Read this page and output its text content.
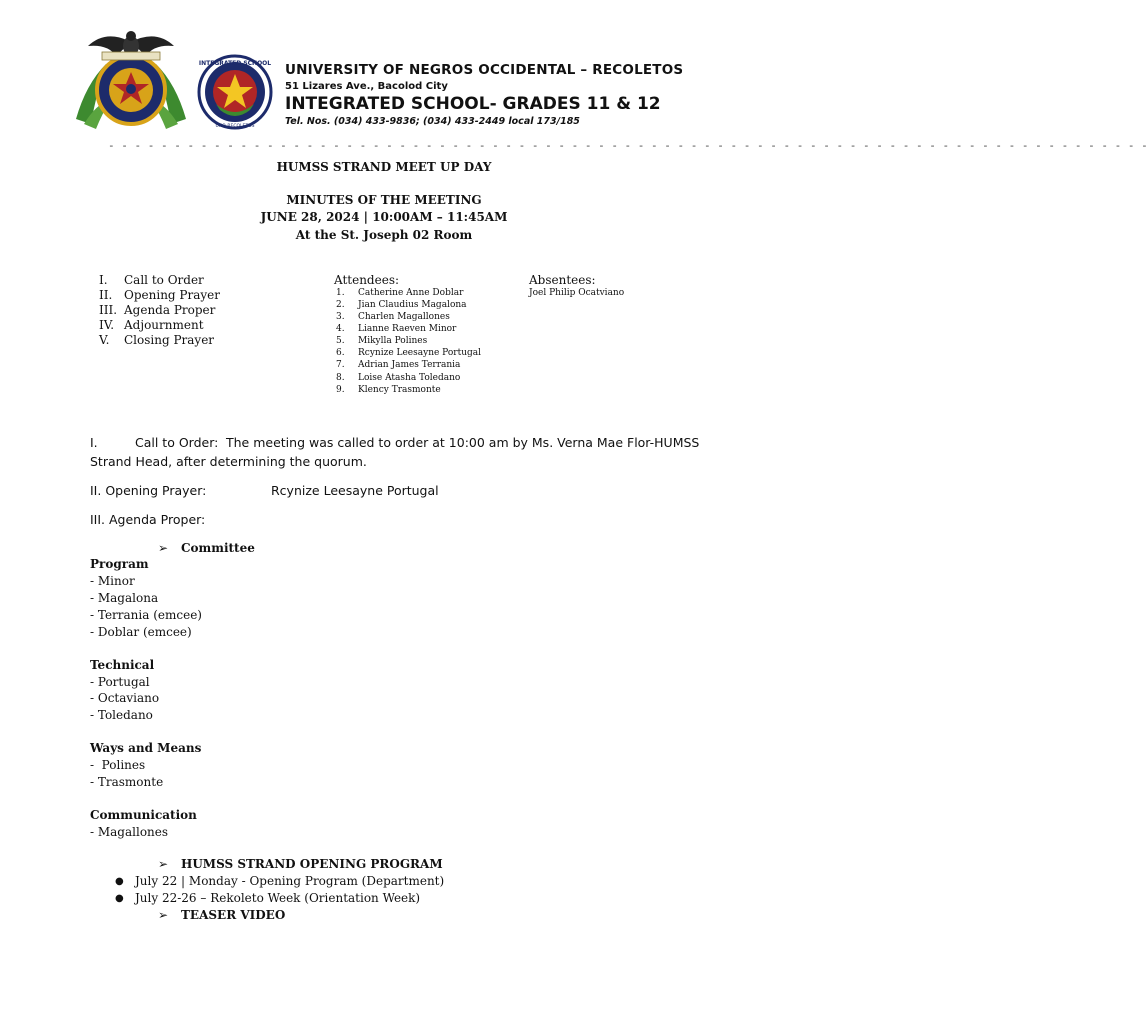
INTEGRATED SCHOOL
UNO-RECOLETOS
UNIVERSITY OF NEGROS OCCIDENTAL – RECOLETOS
51 Lizares Ave., Bacolod City
INTEGRATED SCHOOL- GRADES 11 & 12
Tel. Nos. (034) 433-9836; (034) 433-2449 local 173/185
- - - - - - - - - - - - - - - - - - - - - - - - - - - - - - - - - - - - - - - - - - - - - - - - - - - - - - - - - - - - - - - - - - - - - - - - - - - - - - -
HUMSS STRAND MEET UP DAY
MINUTES OF THE MEETING
JUNE 28, 2024 | 10:00AM – 11:45AM
At the St. Joseph 02 Room
I. Call to Order
II. Opening Prayer
III. Agenda Proper
IV. Adjournment
V. Closing Prayer
Attendees:
1. Catherine Anne Doblar
2. Jian Claudius Magalona
3. Charlen Magallones
4. Lianne Raeven Minor
5. Mikylla Polines
6. Rcynize Leesayne Portugal
7. Adrian James Terrania
8. Loise Atasha Toledano
9. Klency Trasmonte
Absentees:
Joel Philip Ocatviano
I.	Call to Order: The meeting was called to order at 10:00 am by Ms. Verna Mae Flor-HUMSS
Strand Head, after determining the quorum.
II. Opening Prayer:	Rcynize Leesayne Portugal
III. Agenda Proper:
➢ Committee
Program
- Minor
- Magalona
- Terrania (emcee)
- Doblar (emcee)
Technical
- Portugal
- Octaviano
- Toledano
Ways and Means
-  Polines
- Trasmonte
Communication
- Magallones
➢ HUMSS STRAND OPENING PROGRAM
● July 22 | Monday - Opening Program (Department)
● July 22-26 – Rekoleto Week (Orientation Week)
➢ TEASER VIDEO
